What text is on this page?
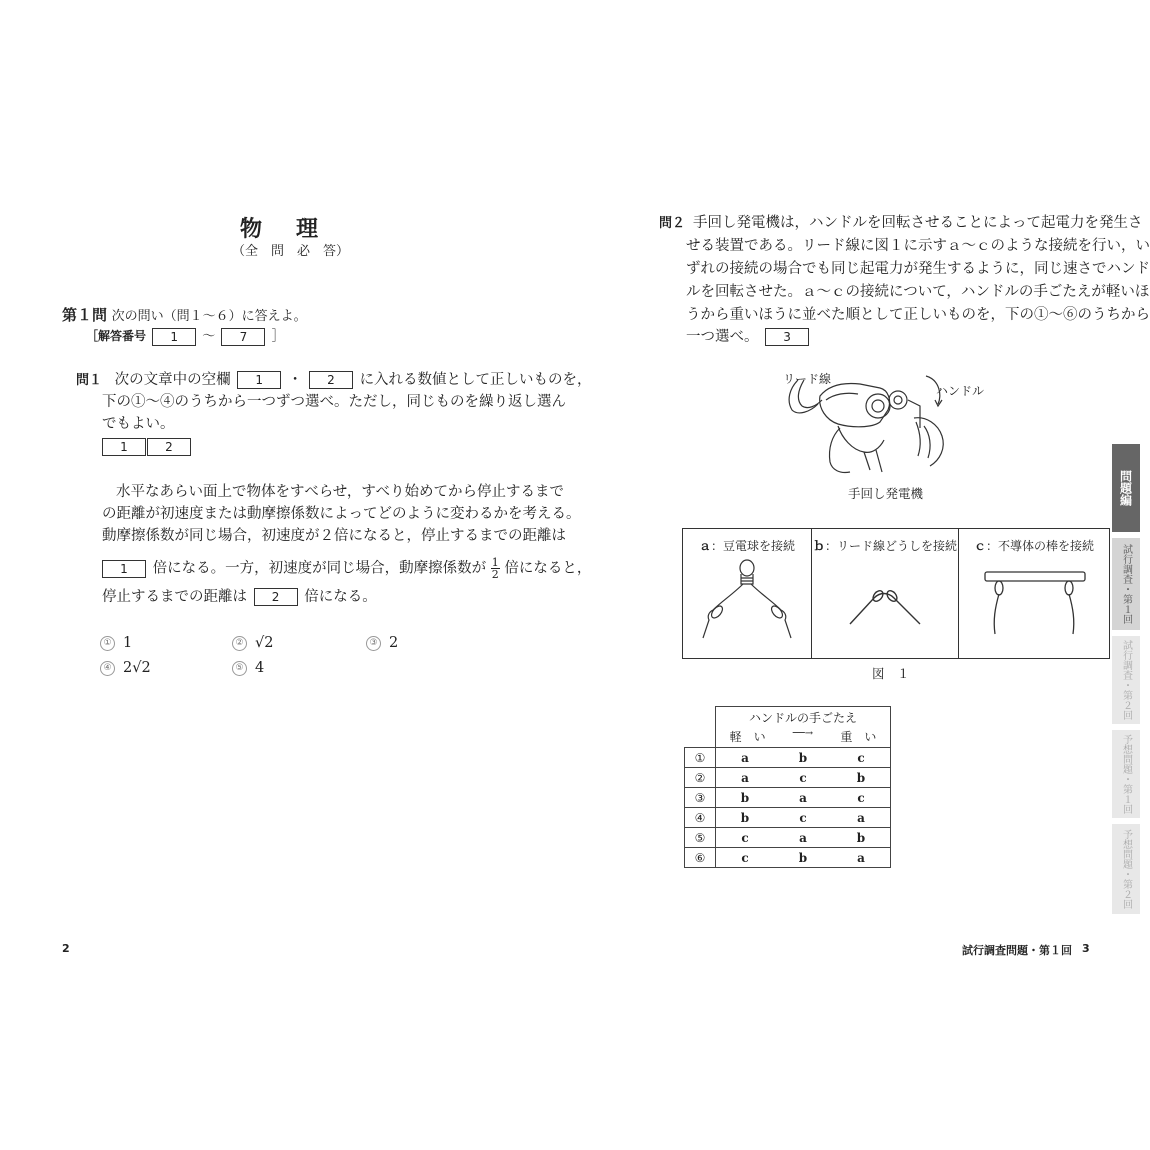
物　理
（全　問　必　答）
第１問 次の問い（問１～６）に答えよ。
［解答番号 1 ～ 7 ］
問１ 次の文章中の空欄 1 ・ 2 に入れる数値として正しいものを，
下の①～④のうちから一つずつ選べ。ただし，同じものを繰り返し選ん
でもよい。
1	2
水平なあらい面上で物体をすべらせ，すべり始めてから停止するまで
の距離が初速度または動摩擦係数によってどのように変わるかを考える。
動摩擦係数が同じ場合，初速度が２倍になると，停止するまでの距離は
1 倍になる。一方，初速度が同じ場合，動摩擦係数が $\frac{1}{2}$ 倍になると，
停止するまでの距離は 2 倍になる。
① 1	② √2	③ 2
④ 2√2	⑤ 4
2
問２ 手回し発電機は，ハンドルを回転させることによって起電力を発生さ
せる装置である。リード線に図１に示すａ～ｃのような接続を行い，い
ずれの接続の場合でも同じ起電力が発生するように，同じ速さでハンド
ルを回転させた。ａ～ｃの接続について，ハンドルの手ごたえが軽いほ
うから重いほうに並べた順として正しいものを，下の①～⑥のうちから
一つ選べ。 3
リード線
ハンドル
手回し発電機
ａ：豆電球を接続	ｂ：リード線どうしを接続	ｃ：不導体の棒を接続
図　１

	ハンドルの手ごたえ
軽　い ──→ 重　い		

①	a	b	c
②	a	c	b
③	b	a	c
④	b	c	a
⑤	c	a	b
⑥	c	b	a
試行調査問題・第１回 3
問題編
試行調査・第１回
試行調査・第２回
予想問題・第１回
予想問題・第２回
